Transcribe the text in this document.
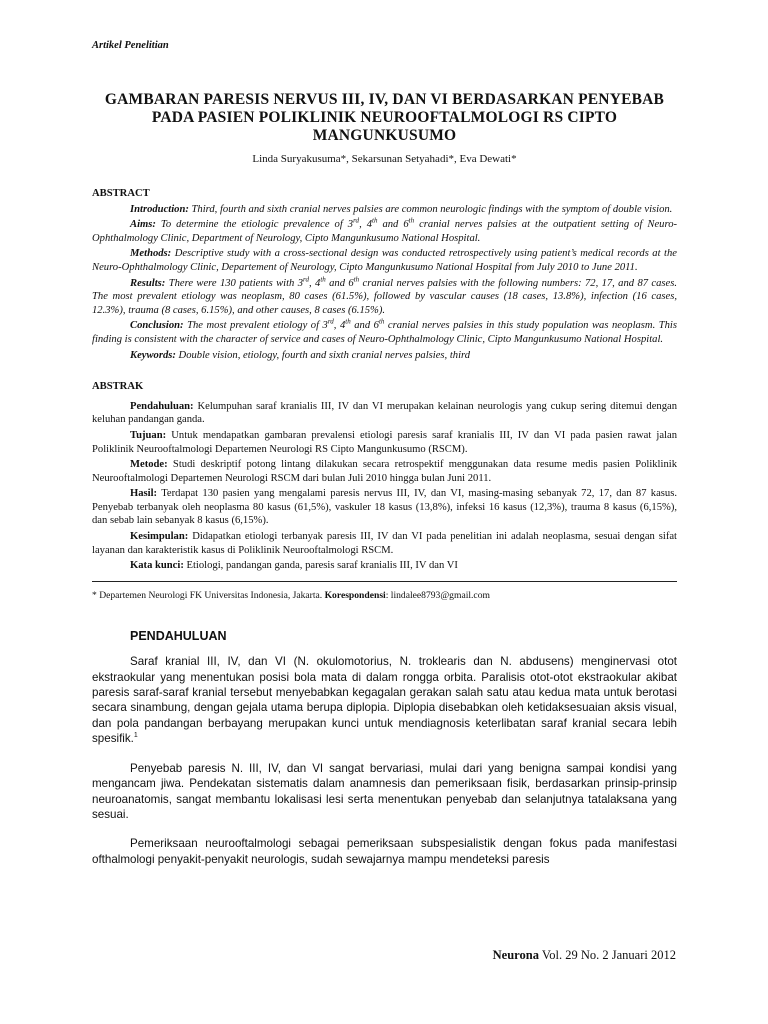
Artikel Penelitian

GAMBARAN PARESIS NERVUS III, IV, DAN VI BERDASARKAN PENYEBAB PADA PASIEN POLIKLINIK NEUROOFTALMOLOGI RS CIPTO MANGUNKUSUMO

Linda Suryakusuma*, Sekarsunan Setyahadi*, Eva Dewati*

ABSTRACT

Introduction: Third, fourth and sixth cranial nerves palsies are common neurologic findings with the symptom of double vision.

Aims: To determine the etiologic prevalence of 3rd, 4th and 6th cranial nerves palsies at the outpatient setting of Neuro-Ophthalmology Clinic, Department of Neurology, Cipto Mangunkusumo National Hospital.

Methods: Descriptive study with a cross-sectional design was conducted retrospectively using patient’s medical records at the Neuro-Ophthalmology Clinic, Departement of Neurology, Cipto Mangunkusumo National Hospital from July 2010 to June 2011.

Results: There were 130 patients with 3rd, 4th and 6th cranial nerves palsies with the following numbers: 72, 17, and 87 cases. The most prevalent etiology was neoplasm, 80 cases (61.5%), followed by vascular causes (18 cases, 13.8%), infection (16 cases, 12.3%), trauma (8 cases, 6.15%), and other causes, 8 cases (6.15%).

Conclusion: The most prevalent etiology of 3rd, 4th and 6th cranial nerves palsies in this study population was neoplasm. This finding is consistent with the character of service and cases of Neuro-Ophthalmology Clinic, Cipto Mangunkusumo National Hospital.

Keywords: Double vision, etiology, fourth and sixth cranial nerves palsies, third

ABSTRAK

Pendahuluan: Kelumpuhan saraf kranialis III, IV dan VI merupakan kelainan neurologis yang cukup sering ditemui dengan keluhan pandangan ganda.

Tujuan: Untuk mendapatkan gambaran prevalensi etiologi paresis saraf kranialis III, IV dan VI pada pasien rawat jalan Poliklinik Neurooftalmologi Departemen Neurologi RS Cipto Mangunkusumo (RSCM).

Metode: Studi deskriptif potong lintang dilakukan secara retrospektif menggunakan data resume medis pasien Poliklinik Neurooftalmologi Departemen Neurologi RSCM dari bulan Juli 2010 hingga bulan Juni 2011.

Hasil: Terdapat 130 pasien yang mengalami paresis nervus III, IV, dan VI, masing-masing sebanyak 72, 17, dan 87 kasus. Penyebab terbanyak oleh neoplasma 80 kasus (61,5%), vaskuler 18 kasus (13,8%), infeksi 16 kasus (12,3%), trauma 8 kasus (6,15%), dan sebab lain sebanyak 8 kasus (6,15%).

Kesimpulan: Didapatkan etiologi terbanyak paresis III, IV dan VI pada penelitian ini adalah neoplasma, sesuai dengan sifat layanan dan karakteristik kasus di Poliklinik Neurooftalmologi RSCM.

Kata kunci: Etiologi, pandangan ganda, paresis saraf kranialis III, IV dan VI

* Departemen Neurologi FK Universitas Indonesia, Jakarta. Korespondensi: lindalee8793@gmail.com

PENDAHULUAN

Saraf kranial III, IV, dan VI (N. okulomotorius, N. troklearis dan N. abdusens) menginervasi otot ekstraokular yang menentukan posisi bola mata di dalam rongga orbita. Paralisis otot-otot ekstraokular akibat paresis saraf-saraf kranial tersebut menyebabkan kegagalan gerakan salah satu atau kedua mata untuk berotasi secara sinambung, dengan gejala utama berupa diplopia. Diplopia disebabkan oleh ketidaksesuaian aksis visual, dan pola pandangan berbayang merupakan kunci untuk mendiagnosis keterlibatan saraf kranial secara lebih spesifik.$^1$

Penyebab paresis N. III, IV, dan VI sangat bervariasi, mulai dari yang benigna sampai kondisi yang mengancam jiwa. Pendekatan sistematis dalam anamnesis dan pemeriksaan fisik, berdasarkan prinsip-prinsip neuroanatomis, sangat membantu lokalisasi lesi serta menentukan penyebab dan selanjutnya tatalaksana yang sesuai.

Pemeriksaan neurooftalmologi sebagai pemeriksaan subspesialistik dengan fokus pada manifestasi ofthalmologi penyakit-penyakit neurologis, sudah sewajarnya mampu mendeteksi paresis

Neurona Vol. 29 No. 2 Januari 2012
